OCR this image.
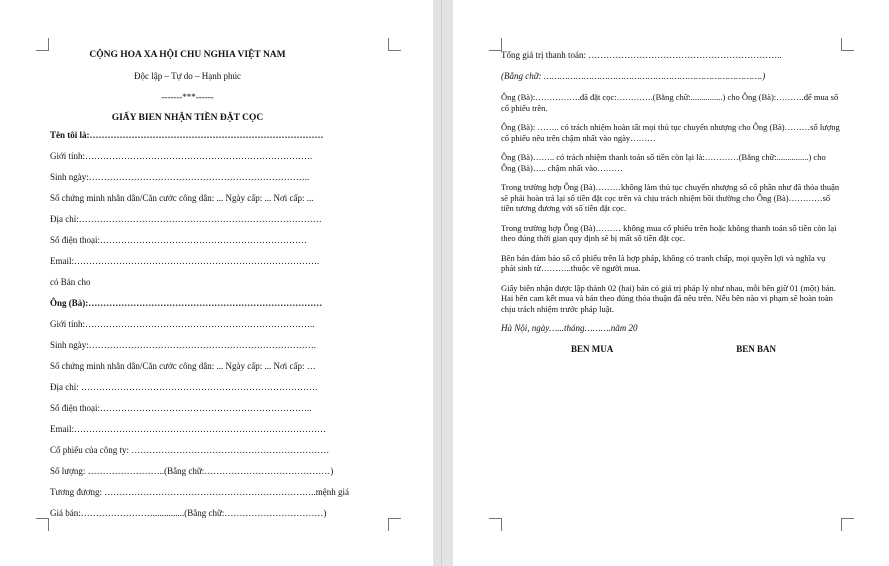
CỘNG HOA XA HỘI CHU NGHIA VIỆT NAM
Độc lập – Tự do – Hạnh phúc
-------***------
GIẤY BIEN NHẬN TIỀN ĐẶT CỌC
Tên tôi là:……………………………………………………………………
Giới tính:………………………………………………………………….
Sinh ngày:………………………………………………………………..
Số chứng minh nhân dân/Căn cước công dân: ... Ngày cấp: ... Nơi cấp: ...
Địa chỉ:………………………………………………………………………
Số điện thoại:……………………………………………………………
Email:……………………………………………………………………….
có Bán cho
Ông (Bà):……………………………………………………………………
Giới tính:…………………………………………………………………..
Sinh ngày:………………………………………………………………….
Số chứng minh nhân dân/Căn cước công dân: ... Ngày cấp: ... Nơi cấp: …
Địa chỉ: …………………………………………………………………….
Số điện thoại:……………………………………………………………..
Email:…………………………………………………………………………
Cổ phiếu của công ty: …………………………………………………………
Số lượng: ……………………..(Bằng chữ:……………………………………)
Tương đương: ……………………………………………………………..mệnh giá
Giá bán:……………………..............(Bằng chữ:……………………………)
Tổng giá trị thanh toán: ………………………………………………………..
(Bằng chữ: ……………………………………………………………………….)

Ông (Bà):…………….đã đặt cọc:………….(Bằng chữ:...............) cho Ông (Bà):……….để mua số cổ phiếu trên.

Ông (Bà): …….. có trách nhiệm hoàn tất mọi thủ tục chuyển nhượng cho Ông (Bà)………số lượng cổ phiếu nêu trên chậm nhất vào ngày………

Ông (Bà)…….. có trách nhiệm thanh toán số tiền còn lại là:…………(Bằng chữ:...............) cho Ông (Bà)….. chậm nhất vào………

Trong trường hợp Ông (Bà)………không làm thủ tục chuyển nhượng số cổ phần như đã thỏa thuận sẽ phải hoàn trả lại số tiền đặt cọc trên và chịu trách nhiệm bồi thường cho Ông (Bà)…………số tiền tương đương với số tiền đặt cọc.

Trong trường hợp Ông (Bà)……… không mua cổ phiếu trên hoặc không thanh toán số tiền còn lại theo đúng thời gian quy định sẽ bị mất số tiền đặt cọc.

Bên bán đảm bảo số cổ phiếu trên là hợp pháp, không có tranh chấp, mọi quyền lợi và nghĩa vụ phát sinh từ………..thuộc về người mua.

Giấy biên nhận được lập thành 02 (hai) bản có giá trị pháp lý như nhau, mỗi bên giữ 01 (một) bản. Hai bên cam kết mua và bán theo đúng thỏa thuận đã nêu trên. Nếu bên nào vi phạm sẽ hoàn toàn chịu trách nhiệm trước pháp luật.

Hà Nội, ngày…...tháng……….năm 20
BEN MUA	BEN BAN
